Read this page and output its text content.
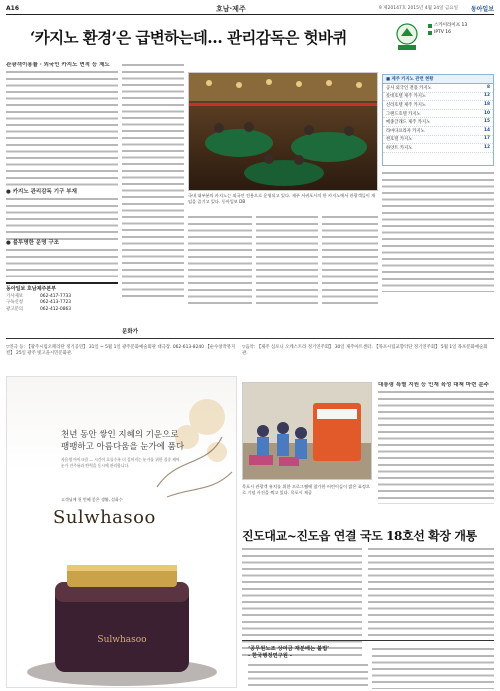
A16	호남·제주	9 제20147호 2015년 4월 24일 금요일 동아일보
‘카지노 환경’은 급변하는데… 관리감독은 헛바퀴
스카이라이프 13
IPTV 16
관광객이용률 ‧ 외국인 카지노 면적 등 제도
● 카지노 관리감독 기구 부재
● 불투명한 운영 구조
국내 대부분의 카지노는 외국인 전용으로 운영되고 있다. 제주 서귀포시의 한 카지노에서 관광객들이 게임을 즐기고 있다. 동아일보 DB
■ 제주 카지노 관련 현황
공사 외국인 전용 카지노	8
롯데호텔 제주 카지노	12
신라호텔 제주 카지노	18
그랜드호텔 카지노	10
메종글래드 제주 카지노	15
라마다프라자 카지노	14
썬호텔 카지노	17
하얏트 카지노	12
동아일보 호남제주본부
기사제보	062-417-7733
구독신청	062-413-7723
광고문의	062-412-0863
문화가
▽연극 등: 【광주시립오페라단 정기공연】 31일 ~ 5월 1일 광주문화예술회관 대극장. 062-613-8240 【순수창작뮤지컬】 25일 광주 빛고을시민문화관.
▽음악: 【제주 심포니 오케스트라 정기연주회】 30일 제주아트센터. 【목포시립교향악단 정기연주회】 5월 1일 목포문화예술회관.
Sulwhasoo
천년 동안 쌓인 지혜의 기운으로
팽팽하고 아름다움을 눈가에 품다
자음생 아이크림 — 시간이 흐를수록 더 깊어지는 눈가를 위한 집중 케어. 눈가 잔주름과 탄력을 동시에 관리합니다.
고객님께 첫 번째 좋은 생활, 설화수
Sulwhasoo
목포시 관광객 유치를 위한 프로그램에 참가한 어린이들이 밝은 표정으로 기념 사진을 찍고 있다. 목포시 제공
대통령 특별 지원 등 인재 육성 대책 마련 분주
진도대교~진도읍 연결 국도 18호선 확장 개통
‘공무원노조 상여금 재분배는 불법’
- 한국행정연구원 -
